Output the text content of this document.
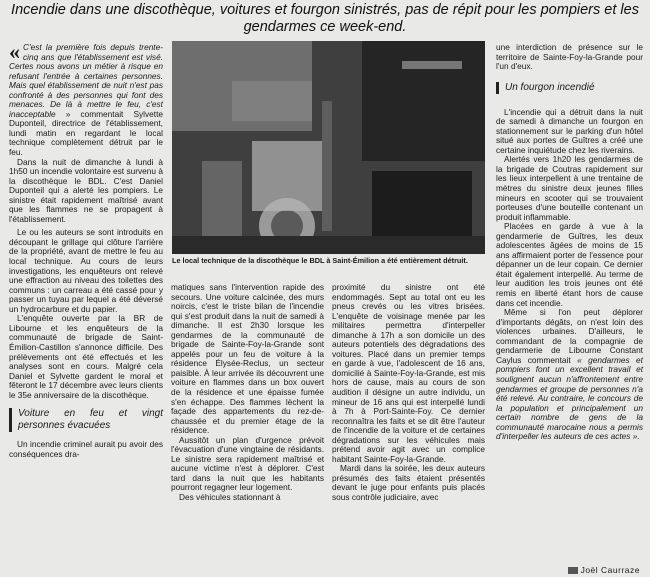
Incendie dans une discothèque, voitures et fourgon sinistrés, pas de répit pour les pompiers et les gendarmes ce week-end.

« C'est la première fois depuis trente-cinq ans que l'établissement est visé. Certes nous avons un métier à risque en refusant l'entrée à certaines personnes. Mais quel établissement de nuit n'est pas confronté à des personnes qui font des menaces. De là à mettre le feu, c'est inacceptable » commentait Sylvette Duponteil, directrice de l'établissement, lundi matin en regardant le local technique complètement détruit par le feu.

Dans la nuit de dimanche à lundi à 1h50 un incendie volontaire est survenu à la discothèque le BDL. C'est Daniel Duponteil qui a alerté les pompiers. Le sinistre était rapidement maîtrisé avant que les flammes ne se propagent à l'établissement.

Le ou les auteurs se sont introduits en découpant le grillage qui clôture l'arrière de la propriété, avant de mettre le feu au local technique. Au cours de leurs investigations, les enquêteurs ont relevé une effraction au niveau des toilettes des communs : un carreau a été cassé pour y passer un tuyau par lequel a été déversé un hydrocarbure et du papier.

L'enquête ouverte par la BR de Libourne et les enquêteurs de la communauté de brigade de Saint-Émilion-Castillon s'annonce difficile. Des prélèvements ont été effectués et les analyses sont en cours. Malgré cela Daniel et Sylvette gardent le moral et fêteront le 17 décembre avec leurs clients le 35e anniversaire de la discothèque.

Voiture en feu et vingt personnes évacuées

Un incendie criminel aurait pu avoir des conséquences dra-

Le local technique de la discothèque le BDL à Saint-Émilion a été entièrement détruit.

matiques sans l'intervention rapide des secours. Une voiture calcinée, des murs noircis, c'est le triste bilan de l'incendie qui s'est produit dans la nuit de samedi à dimanche. Il est 2h30 lorsque les gendarmes de la communauté de brigade de Sainte-Foy-la-Grande sont appelés pour un feu de voiture à la résidence Élysée-Reclus, un secteur paisible. À leur arrivée ils découvrent une voiture en flammes dans un box ouvert de la résidence et une épaisse fumée s'en échappe. Des flammes lèchent la façade des appartements du rez-de-chaussée et du premier étage de la résidence.

Aussitôt un plan d'urgence prévoit l'évacuation d'une vingtaine de résidants. Le sinistre sera rapidement maîtrisé et aucune victime n'est à déplorer. C'est tard dans la nuit que les habitants pourront regagner leur logement.

Des véhicules stationnant à

proximité du sinistre ont été endommagés. Sept au total ont eu les pneus crevés ou les vitres brisées. L'enquête de voisinage menée par les militaires permettra d'interpeller dimanche à 17h a son domicile un des auteurs potentiels des dégradations des voitures. Placé dans un premier temps en garde à vue, l'adolescent de 16 ans, domicilié à Sainte-Foy-la-Grande, est mis hors de cause, mais au cours de son audition il désigne un autre individu, un mineur de 16 ans qui est interpellé lundi à 7h à Port-Sainte-Foy. Ce dernier reconnaîtra les faits et se dit être l'auteur de l'incendie de la voiture et de certaines dégradations sur les véhicules mais prétend avoir agit avec un complice habitant Sainte-Foy-la-Grande.

Mardi dans la soirée, les deux auteurs présumés des faits étaient présentés devant le juge pour enfants puis placés sous contrôle judiciaire, avec

une interdiction de présence sur le territoire de Sainte-Foy-la-Grande pour l'un d'eux.

Un fourgon incendié

L'incendie qui a détruit dans la nuit de samedi à dimanche un fourgon en stationnement sur le parking d'un hôtel situé aux portes de Guîtres a créé une certaine inquiétude chez les riverains.

Alertés vers 1h20 les gendarmes de la brigade de Coutras rapidement sur les lieux interpellent à une trentaine de mètres du sinistre deux jeunes filles mineurs en scooter qui se trouvaient porteuses d'une bouteille contenant un produit inflammable.

Placées en garde à vue à la gendarmerie de Guîtres, les deux adolescentes âgées de moins de 15 ans affirmaient porter de l'essence pour dépanner un de leur copain. Ce dernier était également interpellé. Au terme de leur audition les trois jeunes ont été remis en liberté étant hors de cause dans cet incendie.

Même si l'on peut déplorer d'importants dégâts, on n'est loin des violences urbaines. D'ailleurs, le commandant de la compagnie de gendarmerie de Libourne Constant Caylus commentait « gendarmes et pompiers font un excellent travail et soulignent aucun n'affrontement entre gendarmes et groupe de personnes n'a été relevé. Au contraire, le concours de la population et principalement un certain nombre de gens de la communauté marocaine nous a permis d'interpeller les auteurs de ces actes ».

Joël Caurraze
